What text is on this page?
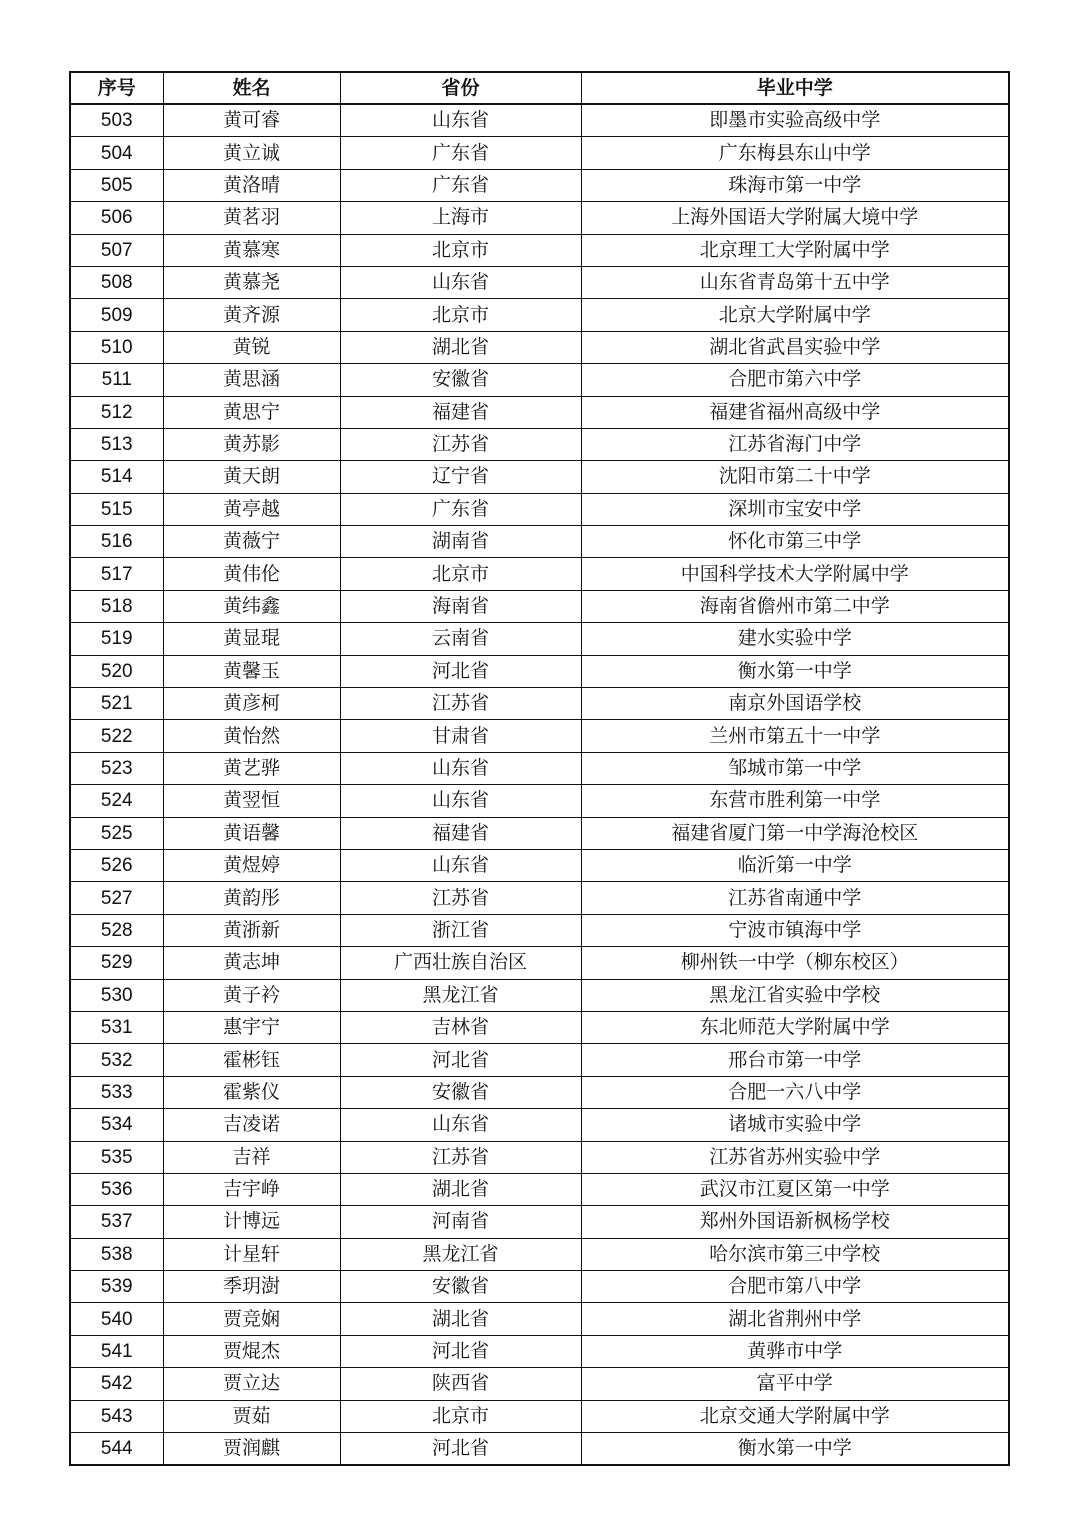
序号	姓名	省份	毕业中学
503	黄可睿	山东省	即墨市实验高级中学
504	黄立诚	广东省	广东梅县东山中学
505	黄洛晴	广东省	珠海市第一中学
506	黄茗羽	上海市	上海外国语大学附属大境中学
507	黄慕寒	北京市	北京理工大学附属中学
508	黄慕尧	山东省	山东省青岛第十五中学
509	黄齐源	北京市	北京大学附属中学
510	黄锐	湖北省	湖北省武昌实验中学
511	黄思涵	安徽省	合肥市第六中学
512	黄思宁	福建省	福建省福州高级中学
513	黄苏影	江苏省	江苏省海门中学
514	黄天朗	辽宁省	沈阳市第二十中学
515	黄亭越	广东省	深圳市宝安中学
516	黄薇宁	湖南省	怀化市第三中学
517	黄伟伦	北京市	中国科学技术大学附属中学
518	黄纬鑫	海南省	海南省儋州市第二中学
519	黄显琨	云南省	建水实验中学
520	黄馨玉	河北省	衡水第一中学
521	黄彦柯	江苏省	南京外国语学校
522	黄怡然	甘肃省	兰州市第五十一中学
523	黄艺骅	山东省	邹城市第一中学
524	黄翌恒	山东省	东营市胜利第一中学
525	黄语馨	福建省	福建省厦门第一中学海沧校区
526	黄煜婷	山东省	临沂第一中学
527	黄韵彤	江苏省	江苏省南通中学
528	黄浙新	浙江省	宁波市镇海中学
529	黄志坤	广西壮族自治区	柳州铁一中学（柳东校区）
530	黄子衿	黑龙江省	黑龙江省实验中学校
531	惠宇宁	吉林省	东北师范大学附属中学
532	霍彬钰	河北省	邢台市第一中学
533	霍紫仪	安徽省	合肥一六八中学
534	吉凌诺	山东省	诸城市实验中学
535	吉祥	江苏省	江苏省苏州实验中学
536	吉宇峥	湖北省	武汉市江夏区第一中学
537	计博远	河南省	郑州外国语新枫杨学校
538	计星轩	黑龙江省	哈尔滨市第三中学校
539	季玥澍	安徽省	合肥市第八中学
540	贾竞娴	湖北省	湖北省荆州中学
541	贾焜杰	河北省	黄骅市中学
542	贾立达	陕西省	富平中学
543	贾茹	北京市	北京交通大学附属中学
544	贾润麒	河北省	衡水第一中学
